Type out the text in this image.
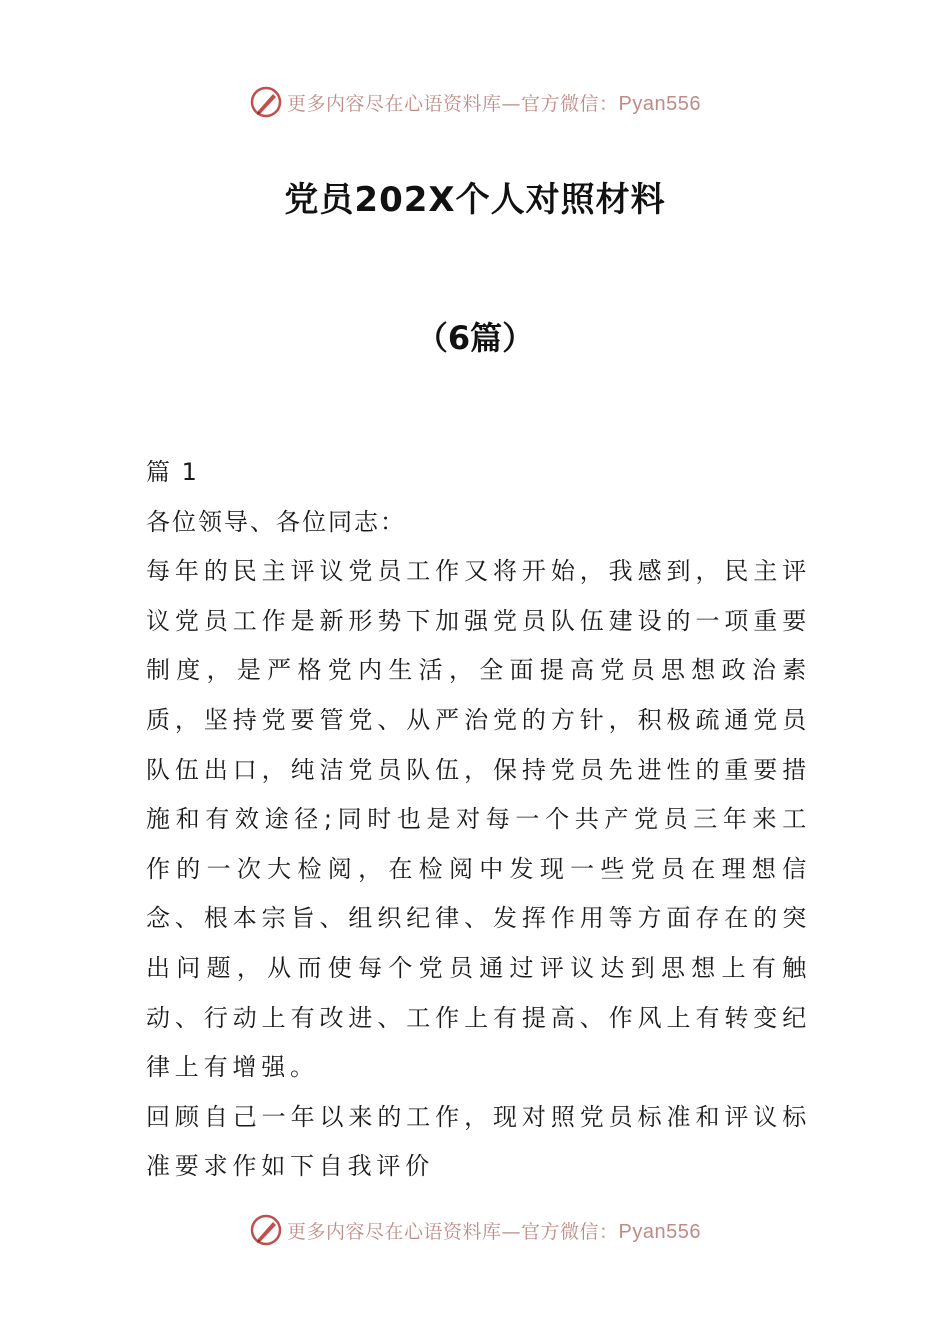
更多内容尽在心语资料库—官方微信：Pyan556
党员202X个人对照材料
（6篇）

篇 1

各位领导、各位同志：

每年的民主评议党员工作又将开始，我感到，民主评议党员工作是新形势下加强党员队伍建设的一项重要制度，是严格党内生活，全面提高党员思想政治素质，坚持党要管党、从严治党的方针，积极疏通党员队伍出口，纯洁党员队伍，保持党员先进性的重要措施和有效途径;同时也是对每一个共产党员三年来工作的一次大检阅，在检阅中发现一些党员在理想信念、根本宗旨、组织纪律、发挥作用等方面存在的突出问题，从而使每个党员通过评议达到思想上有触动、行动上有改进、工作上有提高、作风上有转变纪律上有增强。

回顾自己一年以来的工作，现对照党员标准和评议标准要求作如下自我评价

更多内容尽在心语资料库—官方微信：Pyan556
